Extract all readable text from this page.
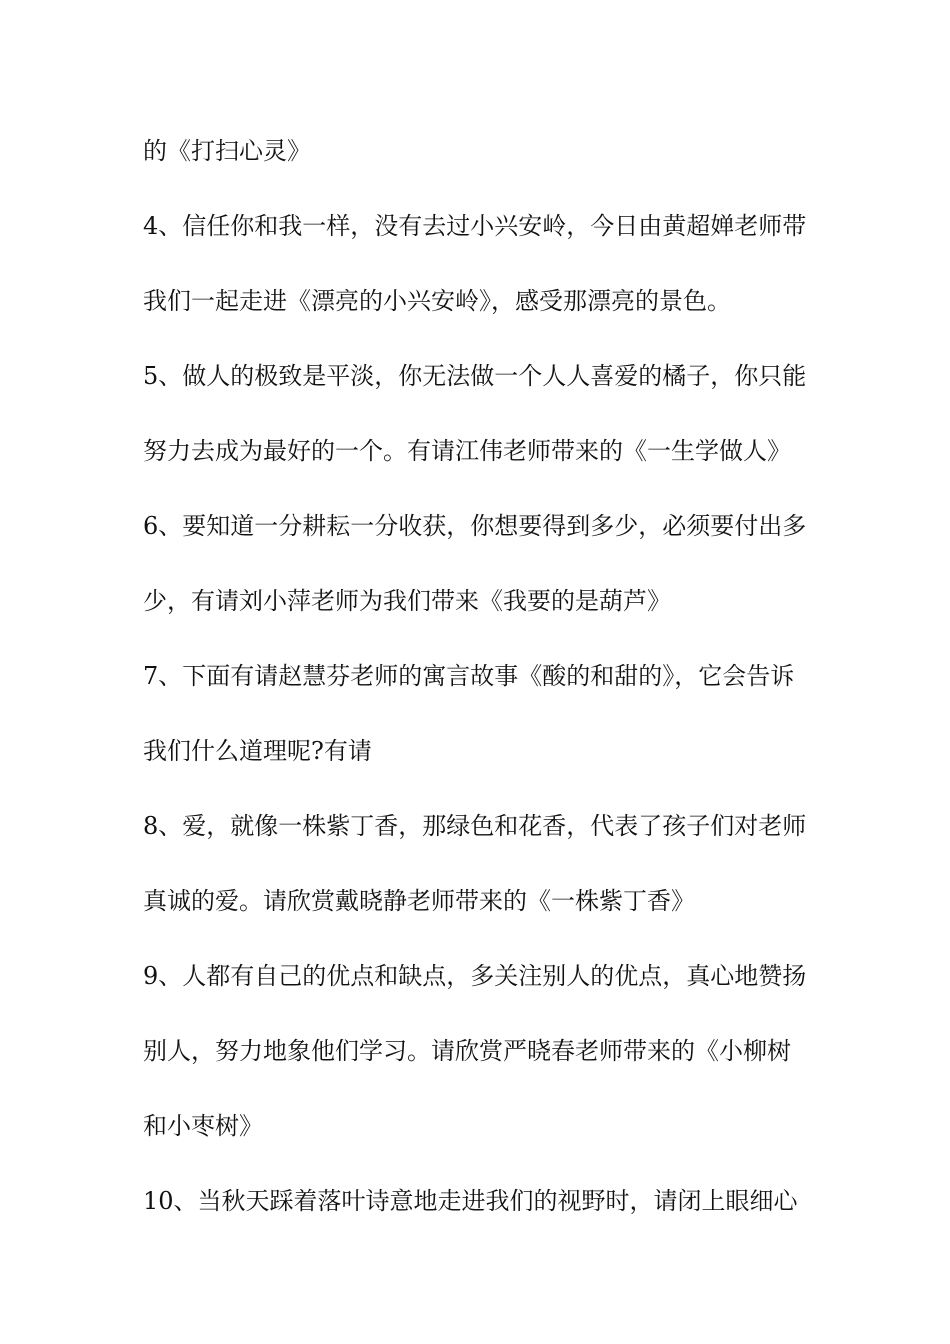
的《打扫心灵》
4、信任你和我一样，没有去过小兴安岭，今日由黄超婵老师带
我们一起走进《漂亮的小兴安岭》，感受那漂亮的景色。
5、做人的极致是平淡，你无法做一个人人喜爱的橘子，你只能
努力去成为最好的一个。有请江伟老师带来的《一生学做人》
6、要知道一分耕耘一分收获，你想要得到多少，必须要付出多
少，有请刘小萍老师为我们带来《我要的是葫芦》
7、下面有请赵慧芬老师的寓言故事《酸的和甜的》，它会告诉
我们什么道理呢?有请
8、爱，就像一株紫丁香，那绿色和花香，代表了孩子们对老师
真诚的爱。请欣赏戴晓静老师带来的《一株紫丁香》
9、人都有自己的优点和缺点，多关注别人的优点，真心地赞扬
别人，努力地象他们学习。请欣赏严晓春老师带来的《小柳树
和小枣树》
10、当秋天踩着落叶诗意地走进我们的视野时，请闭上眼细心
